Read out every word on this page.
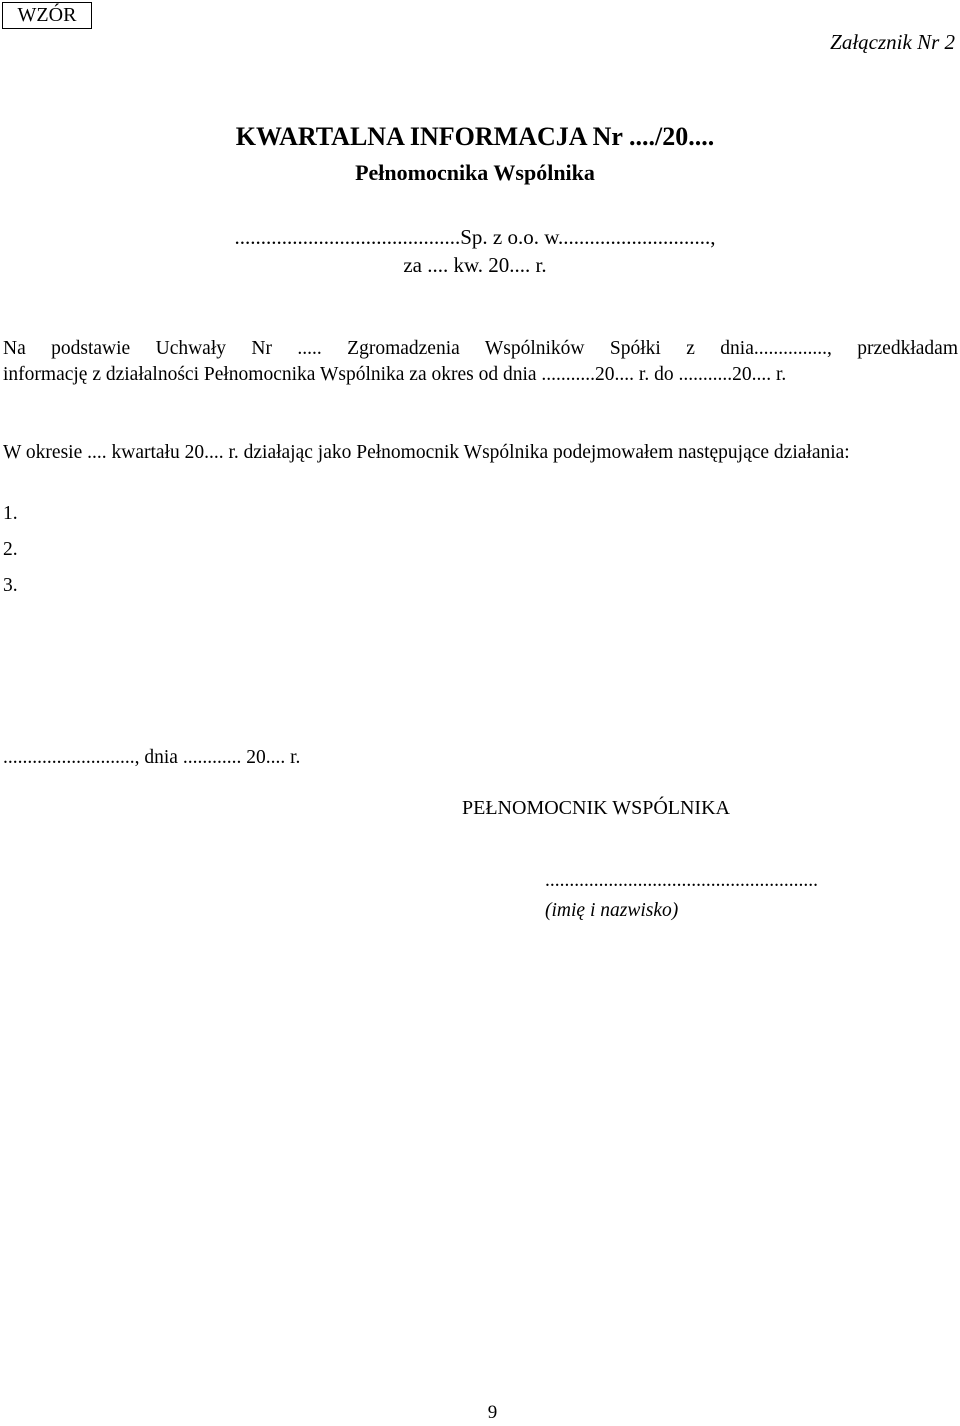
WZÓR
Załącznik Nr 2
KWARTALNA INFORMACJA Nr ..../20....
Pełnomocnika Wspólnika
...........................................Sp. z o.o. w.............................,
za .... kw. 20.... r.
Na podstawie Uchwały Nr ..... Zgromadzenia Wspólników Spółki z dnia..............., przedkładam
informację z działalności Pełnomocnika Wspólnika za okres od dnia ...........20.... r. do ...........20.... r.
W okresie .... kwartału 20.... r. działając jako Pełnomocnik Wspólnika podejmowałem następujące działania:
1.
2.
3.
..........................., dnia ............ 20.... r.
PEŁNOMOCNIK WSPÓLNIKA
........................................................
(imię i nazwisko)
9
